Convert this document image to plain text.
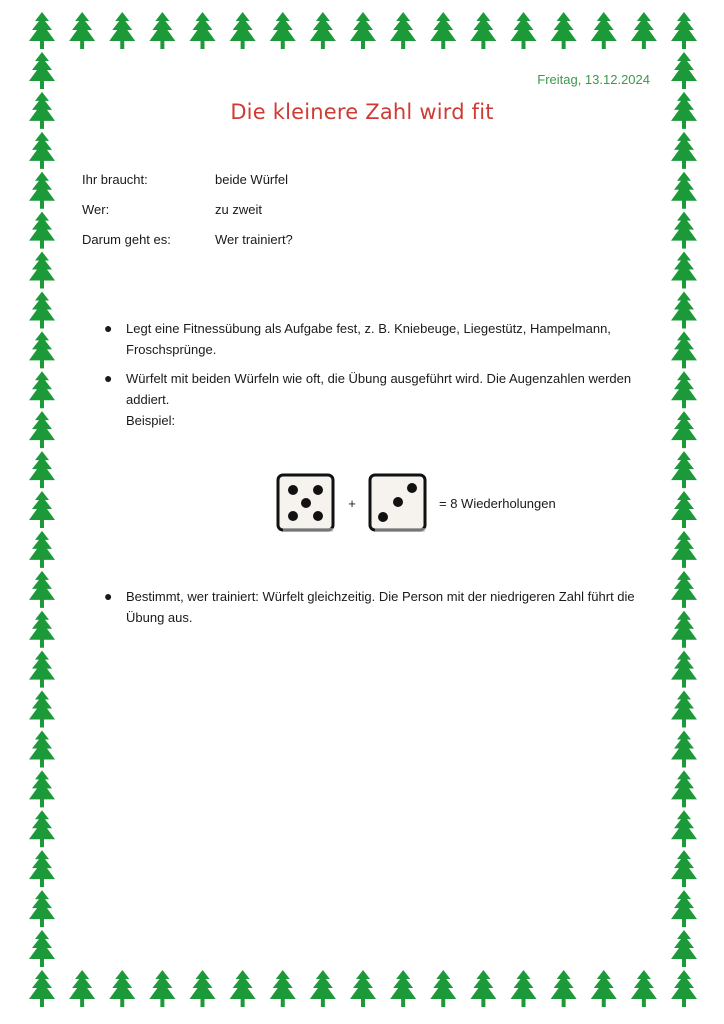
Freitag, 13.12.2024
Die kleinere Zahl wird fit
Ihr braucht:	beide Würfel
Wer:	zu zweit
Darum geht es:	Wer trainiert?
●	Legt eine Fitnessübung als Aufgabe fest, z. B. Kniebeuge, Liegestütz, Hampelmann, Froschsprünge.
●	Würfelt mit beiden Würfeln wie oft, die Übung ausgeführt wird. Die Augenzahlen werden addiert.
Beispiel:
+	= 8 Wiederholungen
●	Bestimmt, wer trainiert: Würfelt gleichzeitig. Die Person mit der niedrigeren Zahl führt die Übung aus.
